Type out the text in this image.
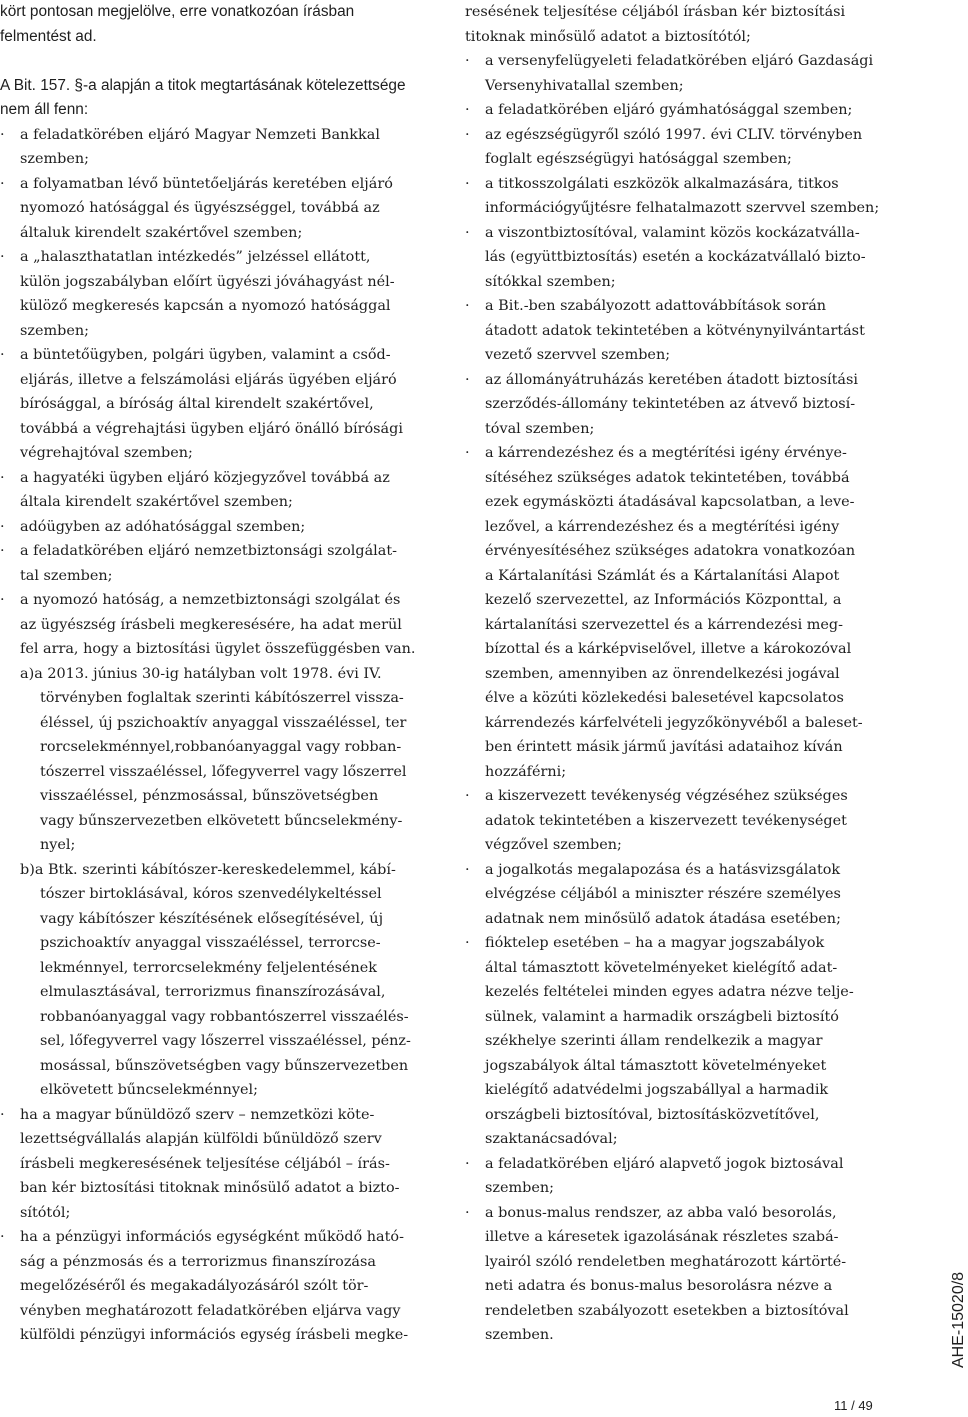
kört pontosan megjelölve, erre vonatkozóan írásban

felmentést ad.

A Bit. 157. §-a alapján a titok megtartásának kötelezettsége

nem áll fenn:

· a feladatkörében eljáró Magyar Nemzeti Bankkal

szemben;

· a folyamatban lévő büntetőeljárás keretében eljáró

nyomozó hatósággal és ügyészséggel, továbbá az

általuk kirendelt szakértővel szemben;

· a „halaszthatatlan intézkedés” jelzéssel ellátott,

külön jogszabályban előírt ügyészi jóváhagyást nél-

külöző megkeresés kapcsán a nyomozó hatósággal

szemben;

· a büntetőügyben, polgári ügyben, valamint a csőd-

eljárás, illetve a felszámolási eljárás ügyében eljáró

bírósággal, a bíróság által kirendelt szakértővel,

továbbá a végrehajtási ügyben eljáró önálló bírósági

végrehajtóval szemben;

· a hagyatéki ügyben eljáró közjegyzővel továbbá az

általa kirendelt szakértővel szemben;

· adóügyben az adóhatósággal szemben;

· a feladatkörében eljáró nemzetbiztonsági szolgálat-

tal szemben;

· a nyomozó hatóság, a nemzetbiztonsági szolgálat és

az ügyészség írásbeli megkeresésére, ha adat merül

fel arra, hogy a biztosítási ügylet összefüggésben van.

a)a 2013. június 30-ig hatályban volt 1978. évi IV.

törvényben foglaltak szerinti kábítószerrel vissza-

éléssel, új pszichoaktív anyaggal visszaéléssel, ter

rorcselekménnyel,robbanóanyaggal vagy robban-

tószerrel visszaéléssel, lőfegyverrel vagy lőszerrel

visszaéléssel, pénzmosással, bűnszövetségben

vagy bűnszervezetben elkövetett bűncselekmény-

nyel;

b)a Btk. szerinti kábítószer-kereskedelemmel, kábí-

tószer birtoklásával, kóros szenvedélykeltéssel

vagy kábítószer készítésének elősegítésével, új

pszichoaktív anyaggal visszaéléssel, terrorcse-

lekménnyel, terrorcselekmény feljelentésének

elmulasztásával, terrorizmus finanszírozásával,

robbanóanyaggal vagy robbantószerrel visszaélés-

sel, lőfegyverrel vagy lőszerrel visszaéléssel, pénz-

mosással, bűnszövetségben vagy bűnszervezetben

elkövetett bűncselekménnyel;

· ha a magyar bűnüldöző szerv – nemzetközi köte-

lezettségvállalás alapján külföldi bűnüldöző szerv

írásbeli megkeresésének teljesítése céljából – írás-

ban kér biztosítási titoknak minősülő adatot a bizto-

sítótól;

· ha a pénzügyi információs egységként működő ható-

ság a pénzmosás és a terrorizmus finanszírozása

megelőzéséről és megakadályozásáról szólt tör-

vényben meghatározott feladatkörében eljárva vagy

külföldi pénzügyi információs egység írásbeli megke-

resésének teljesítése céljából írásban kér biztosítási

titoknak minősülő adatot a biztosítótól;

· a versenyfelügyeleti feladatkörében eljáró Gazdasági

Versenyhivatallal szemben;

· a feladatkörében eljáró gyámhatósággal szemben;

· az egészségügyről szóló 1997. évi CLIV. törvényben

foglalt egészségügyi hatósággal szemben;

· a titkosszolgálati eszközök alkalmazására, titkos

információgyűjtésre felhatalmazott szervvel szemben;

· a viszontbiztosítóval, valamint közös kockázatválla-

lás (együttbiztosítás) esetén a kockázatvállaló bizto-

sítókkal szemben;

· a Bit.-ben szabályozott adattovábbítások során

átadott adatok tekintetében a kötvénynyilvántartást

vezető szervvel szemben;

· az állományátruházás keretében átadott biztosítási

szerződés-állomány tekintetében az átvevő biztosí-

tóval szemben;

· a kárrendezéshez és a megtérítési igény érvénye-

sítéséhez szükséges adatok tekintetében, továbbá

ezek egymásközti átadásával kapcsolatban, a leve-

lezővel, a kárrendezéshez és a megtérítési igény

érvényesítéséhez szükséges adatokra vonatkozóan

a Kártalanítási Számlát és a Kártalanítási Alapot

kezelő szervezettel, az Információs Központtal, a

kártalanítási szervezettel és a kárrendezési meg-

bízottal és a kárképviselővel, illetve a károkozóval

szemben, amennyiben az önrendelkezési jogával

élve a közúti közlekedési balesetével kapcsolatos

kárrendezés kárfelvételi jegyzőkönyvéből a baleset-

ben érintett másik jármű javítási adataihoz kíván

hozzáférni;

· a kiszervezett tevékenység végzéséhez szükséges

adatok tekintetében a kiszervezett tevékenységet

végzővel szemben;

· a jogalkotás megalapozása és a hatásvizsgálatok

elvégzése céljából a miniszter részére személyes

adatnak nem minősülő adatok átadása esetében;

· fióktelep esetében – ha a magyar jogszabályok

által támasztott követelményeket kielégítő adat-

kezelés feltételei minden egyes adatra nézve telje-

sülnek, valamint a harmadik országbeli biztosító

székhelye szerinti állam rendelkezik a magyar

jogszabályok által támasztott követelményeket

kielégítő adatvédelmi jogszabállyal a harmadik

országbeli biztosítóval, biztosításközvetítővel,

szaktanácsadóval;

· a feladatkörében eljáró alapvető jogok biztosával

szemben;

· a bonus-malus rendszer, az abba való besorolás,

illetve a káresetek igazolásának részletes szabá-

lyairól szóló rendeletben meghatározott kártörté-

neti adatra és bonus-malus besorolásra nézve a

rendeletben szabályozott esetekben a biztosítóval

szemben.	AHE-15020/8
11 / 49
